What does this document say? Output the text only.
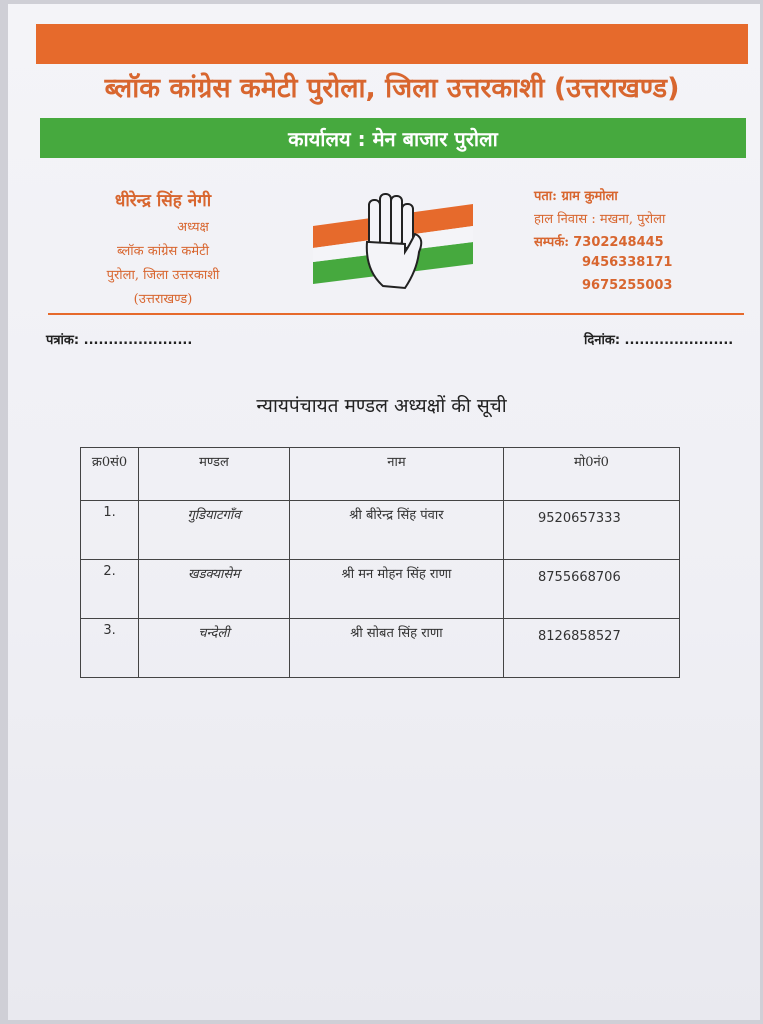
ब्लॉक कांग्रेस कमेटी पुरोला, जिला उत्तरकाशी (उत्तराखण्ड)
कार्यालय : मेन बाजार पुरोला
धीरेन्द्र सिंह नेगी
अध्यक्ष
ब्लॉक कांग्रेस कमेटी
पुरोला, जिला उत्तरकाशी
(उत्तराखण्ड)
पता: ग्राम कुमोला
हाल निवास : मखना, पुरोला
सम्पर्क: 7302248445
9456338171
9675255003
पत्रांक: ......................	दिनांक: ......................
न्यायपंचायत मण्डल अध्यक्षों की सूची
क्र0सं0	मण्डल	नाम	मो0नं0
1.	गुडियाटगाँव	श्री बीरेन्द्र सिंह पंवार	9520657333
2.	खडक्यासेम	श्री मन मोहन सिंह राणा	8755668706
3.	चन्देली	श्री सोबत सिंह राणा	8126858527
